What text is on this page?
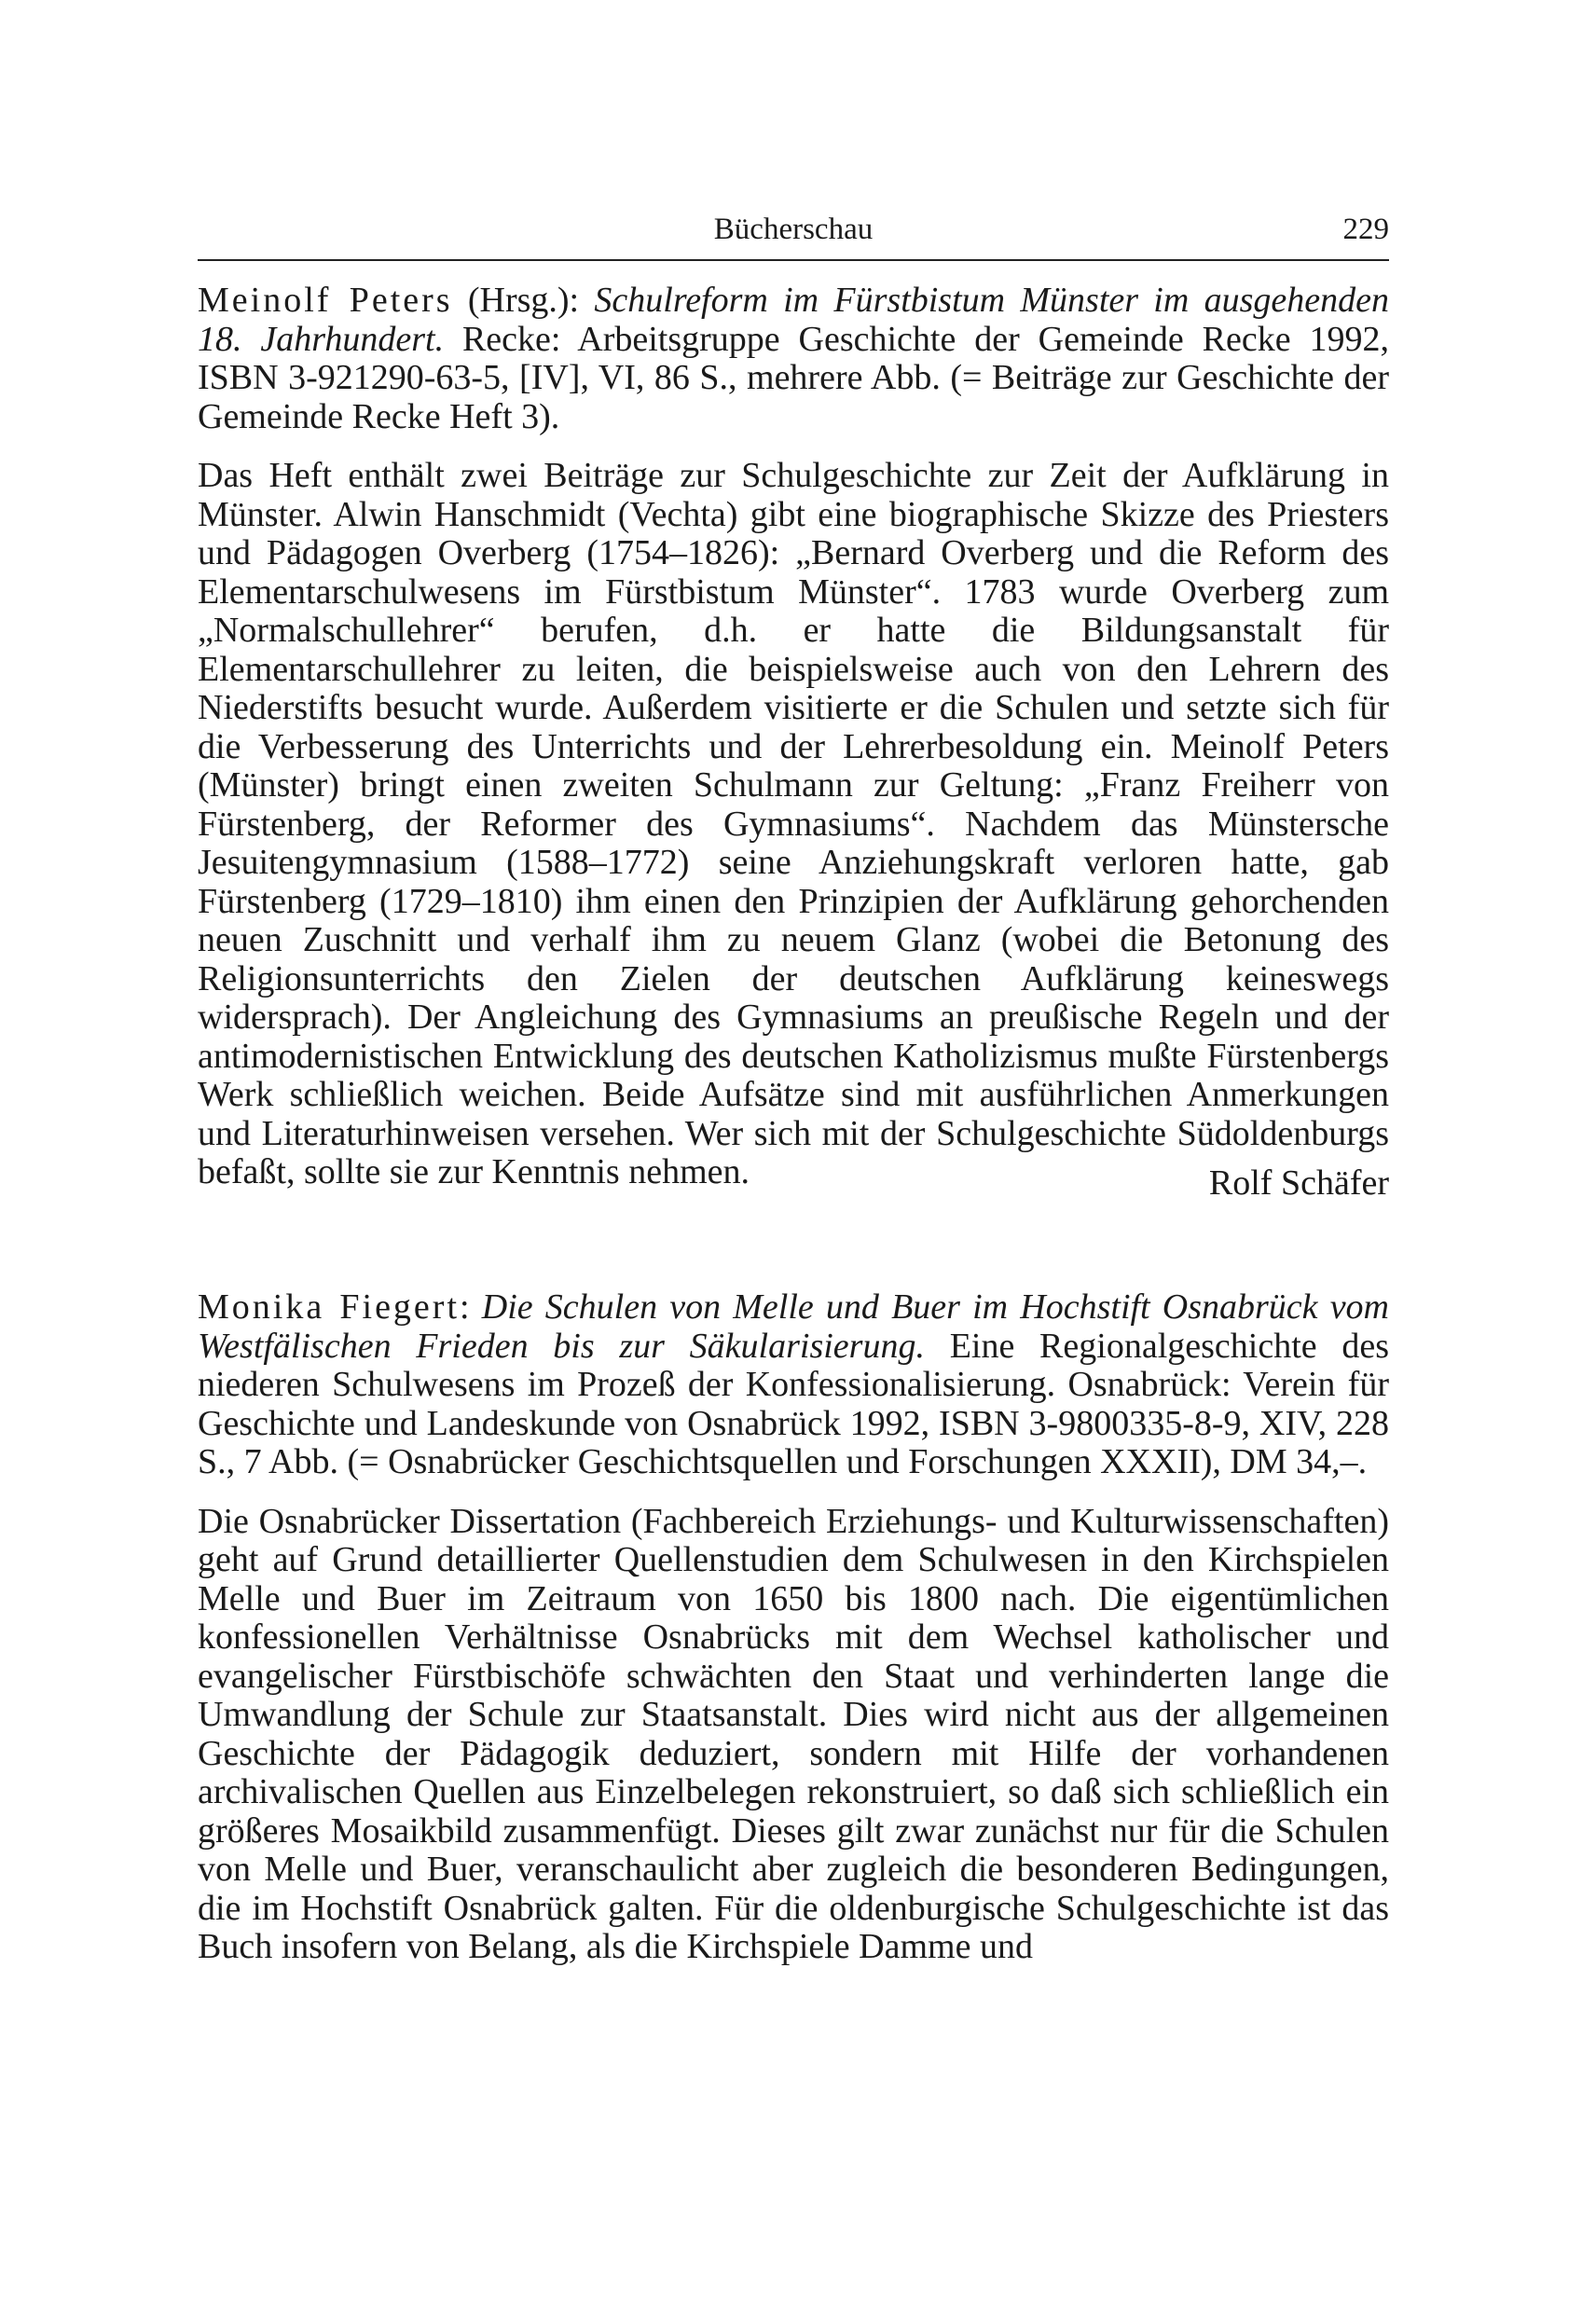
Bücherschau	229
Meinolf Peters (Hrsg.): Schulreform im Fürstbistum Münster im ausgehenden 18. Jahrhundert. Recke: Arbeitsgruppe Geschichte der Gemeinde Recke 1992, ISBN 3-921290-63-5, [IV], VI, 86 S., mehrere Abb. (= Beiträge zur Geschichte der Gemeinde Recke Heft 3).
Das Heft enthält zwei Beiträge zur Schulgeschichte zur Zeit der Aufklärung in Münster. Alwin Hanschmidt (Vechta) gibt eine biographische Skizze des Priesters und Pädagogen Overberg (1754–1826): „Bernard Overberg und die Reform des Elementarschulwesens im Fürstbistum Münster“. 1783 wurde Overberg zum „Normalschullehrer“ berufen, d.h. er hatte die Bildungsanstalt für Elementarschullehrer zu leiten, die beispielsweise auch von den Lehrern des Niederstifts besucht wurde. Außerdem visitierte er die Schulen und setzte sich für die Verbesserung des Unterrichts und der Lehrerbesoldung ein. Meinolf Peters (Münster) bringt einen zweiten Schulmann zur Geltung: „Franz Freiherr von Fürstenberg, der Reformer des Gymnasiums“. Nachdem das Münstersche Jesuitengymnasium (1588–1772) seine Anziehungskraft verloren hatte, gab Fürstenberg (1729–1810) ihm einen den Prinzipien der Aufklärung gehorchenden neuen Zuschnitt und verhalf ihm zu neuem Glanz (wobei die Betonung des Religionsunterrichts den Zielen der deutschen Aufklärung keineswegs widersprach). Der Angleichung des Gymnasiums an preußische Regeln und der antimodernistischen Entwicklung des deutschen Katholizismus mußte Fürstenbergs Werk schließlich weichen. Beide Aufsätze sind mit ausführlichen Anmerkungen und Literaturhinweisen versehen. Wer sich mit der Schulgeschichte Südoldenburgs befaßt, sollte sie zur Kenntnis nehmen.	Rolf Schäfer
Monika Fiegert: Die Schulen von Melle und Buer im Hochstift Osnabrück vom Westfälischen Frieden bis zur Säkularisierung. Eine Regionalgeschichte des niederen Schulwesens im Prozeß der Konfessionalisierung. Osnabrück: Verein für Geschichte und Landeskunde von Osnabrück 1992, ISBN 3-9800335-8-9, XIV, 228 S., 7 Abb. (= Osnabrücker Geschichtsquellen und Forschungen XXXII), DM 34,–.
Die Osnabrücker Dissertation (Fachbereich Erziehungs- und Kulturwissenschaften) geht auf Grund detaillierter Quellenstudien dem Schulwesen in den Kirchspielen Melle und Buer im Zeitraum von 1650 bis 1800 nach. Die eigentümlichen konfessionellen Verhältnisse Osnabrücks mit dem Wechsel katholischer und evangelischer Fürstbischöfe schwächten den Staat und verhinderten lange die Umwandlung der Schule zur Staatsanstalt. Dies wird nicht aus der allgemeinen Geschichte der Pädagogik deduziert, sondern mit Hilfe der vorhandenen archivalischen Quellen aus Einzelbelegen rekonstruiert, so daß sich schließlich ein größeres Mosaikbild zusammenfügt. Dieses gilt zwar zunächst nur für die Schulen von Melle und Buer, veranschaulicht aber zugleich die besonderen Bedingungen, die im Hochstift Osnabrück galten. Für die oldenburgische Schulgeschichte ist das Buch insofern von Belang, als die Kirchspiele Damme und
